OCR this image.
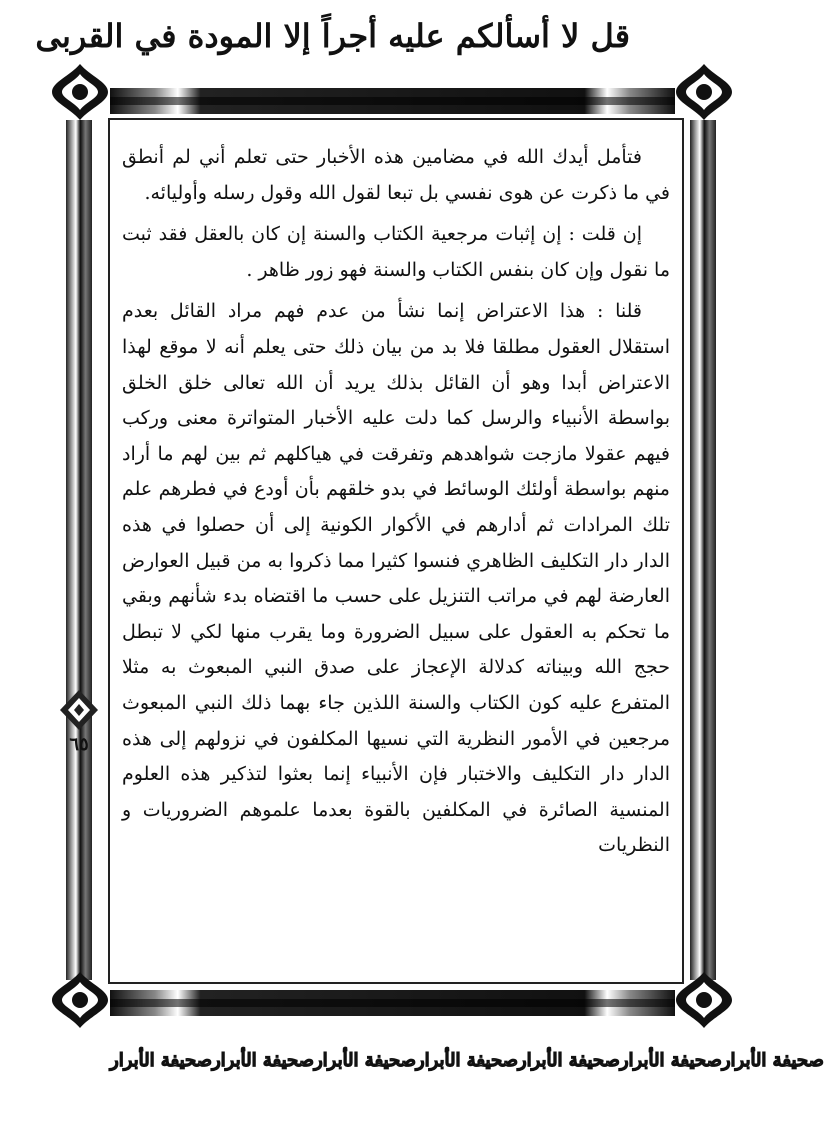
قل لا أسألكم عليه أجراً إلا المودة في القربى
٦٥

فتأمل أيدك الله في مضامين هذه الأخبار حتى تعلم أني لم أنطق في ما ذكرت عن هوى نفسي بل تبعا لقول الله وقول رسله وأوليائه.

إن قلت : إن إثبات مرجعية الكتاب والسنة إن كان بالعقل فقد ثبت ما نقول وإن كان بنفس الكتاب والسنة فهو زور ظاهر .

قلنا : هذا الاعتراض إنما نشأ من عدم فهم مراد القائل بعدم استقلال العقول مطلقا فلا بد من بيان ذلك حتى يعلم أنه لا موقع لهذا الاعتراض أبدا وهو أن القائل بذلك يريد أن الله تعالى خلق الخلق بواسطة الأنبياء والرسل كما دلت عليه الأخبار المتواترة معنى وركب فيهم عقولا مازجت شواهدهم وتفرقت في هياكلهم ثم بين لهم ما أراد منهم بواسطة أولئك الوسائط في بدو خلقهم بأن أودع في فطرهم علم تلك المرادات ثم أدارهم في الأكوار الكونية إلى أن حصلوا في هذه الدار دار التكليف الظاهري فنسوا كثيرا مما ذكروا به من قبيل العوارض العارضة لهم في مراتب التنزيل على حسب ما اقتضاه بدء شأنهم وبقي ما تحكم به العقول على سبيل الضرورة وما يقرب منها لكي لا تبطل حجج الله وبيناته كدلالة الإعجاز على صدق النبي المبعوث به مثلا المتفرع عليه كون الكتاب والسنة اللذين جاء بهما ذلك النبي المبعوث مرجعين في الأمور النظرية التي نسيها المكلفون في نزولهم إلى هذه الدار دار التكليف والاختبار فإن الأنبياء إنما بعثوا لتذكير هذه العلوم المنسية الصائرة في المكلفين بالقوة بعدما علموهم الضروريات و النظريات

صحيفة الأبرار صحيفة الأبرار صحيفة الأبرار صحيفة الأبرار صحيفة الأبرار صحيفة الأبرار صحيفة الأبرار
